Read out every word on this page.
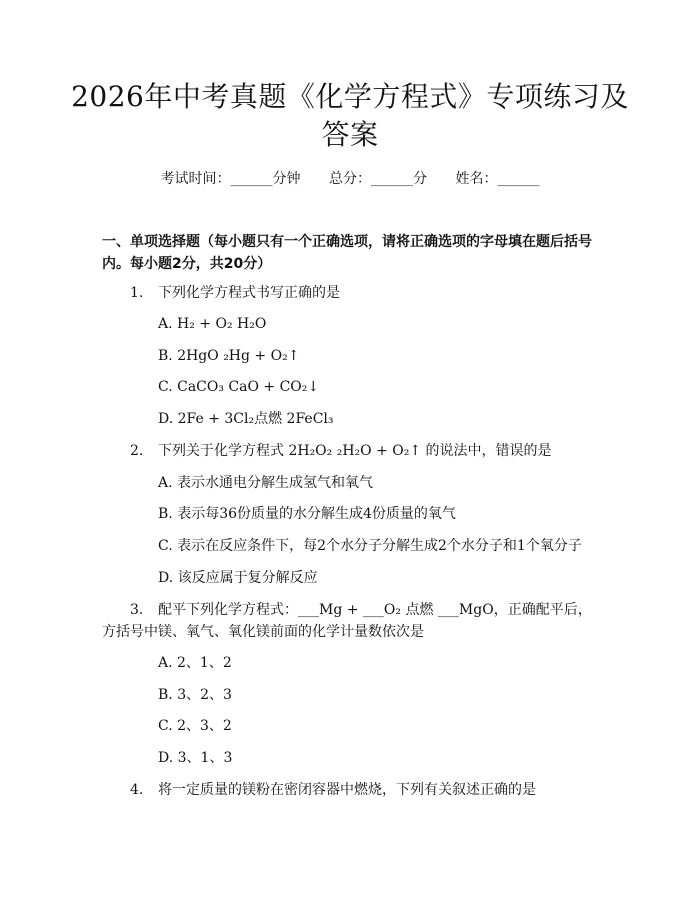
2026年中考真题《化学方程式》专项练习及答案
考试时间：______分钟 总分：______分 姓名：______
一、单项选择题（每小题只有一个正确选项，请将正确选项的字母填在题后括号内。每小题2分，共20分）
1. 下列化学方程式书写正确的是
A. H₂ + O₂ H₂O
B. 2HgO ₂Hg + O₂↑
C. CaCO₃ CaO + CO₂↓
D. 2Fe + 3Cl₂点燃 2FeCl₃
2. 下列关于化学方程式 2H₂O₂ ₂H₂O + O₂↑ 的说法中，错误的是
A. 表示水通电分解生成氢气和氧气
B. 表示每36份质量的水分解生成4份质量的氧气
C. 表示在反应条件下，每2个水分子分解生成2个水分子和1个氧分子
D. 该反应属于复分解反应
3. 配平下列化学方程式：___Mg + ___O₂ 点燃 ___MgO，正确配平后，方括号中镁、氧气、氧化镁前面的化学计量数依次是
A. 2、1、2
B. 3、2、3
C. 2、3、2
D. 3、1、3
4. 将一定质量的镁粉在密闭容器中燃烧，下列有关叙述正确的是
